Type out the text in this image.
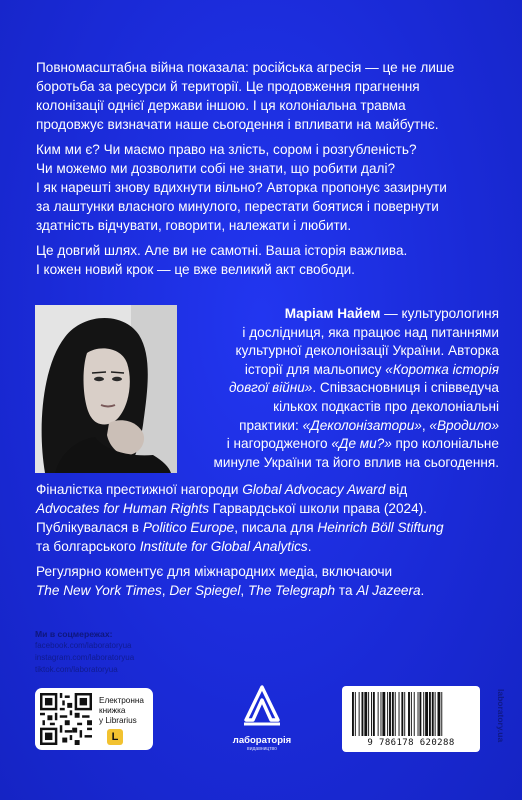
Повномасштабна війна показала: російська агресія — це не лише
боротьба за ресурси й території. Це продовження прагнення
колонізації однієї держави іншою. І ця колоніальна травма
продовжує визначати наше сьогодення і впливати на майбутнє.

Ким ми є? Чи маємо право на злість, сором і розгубленість?
Чи можемо ми дозволити собі не знати, що робити далі?
І як нарешті знову вдихнути вільно? Авторка пропонує зазирнути
за лаштунки власного минулого, перестати боятися і повернути
здатність відчувати, говорити, належати і любити.

Це довгий шлях. Але ви не самотні. Ваша історія важлива.
І кожен новий крок — це вже великий акт свободи.

Маріам Найем — культурологиня
і дослідниця, яка працює над питаннями
культурної деколонізації України. Авторка
історії для мальопису «Коротка історія
довгої війни». Співзасновниця і співведуча
кількох подкастів про деколоніальні
практики: «Деколонізатори», «Вродило»
і нагородженого «Де ми?» про колоніальне
минуле України та його вплив на сьогодення.

Фіналістка престижної нагороди Global Advocacy Award від
Advocates for Human Rights Гарвардської школи права (2024).
Публікувалася в Politico Europe, писала для Heinrich Böll Stiftung
та болгарського Institute for Global Analytics.

Регулярно коментує для міжнародних медіа, включаючи
The New York Times, Der Spiegel, The Telegraph та Al Jazeera.

Ми в соцмережах:
facebook.com/laboratoryua
instagram.com/laboratoryua
tiktok.com/laboratoryua
Електронна
книжка
у Librarius
L	лабораторія
видавництво
9 786178 620288
laboratory.ua
